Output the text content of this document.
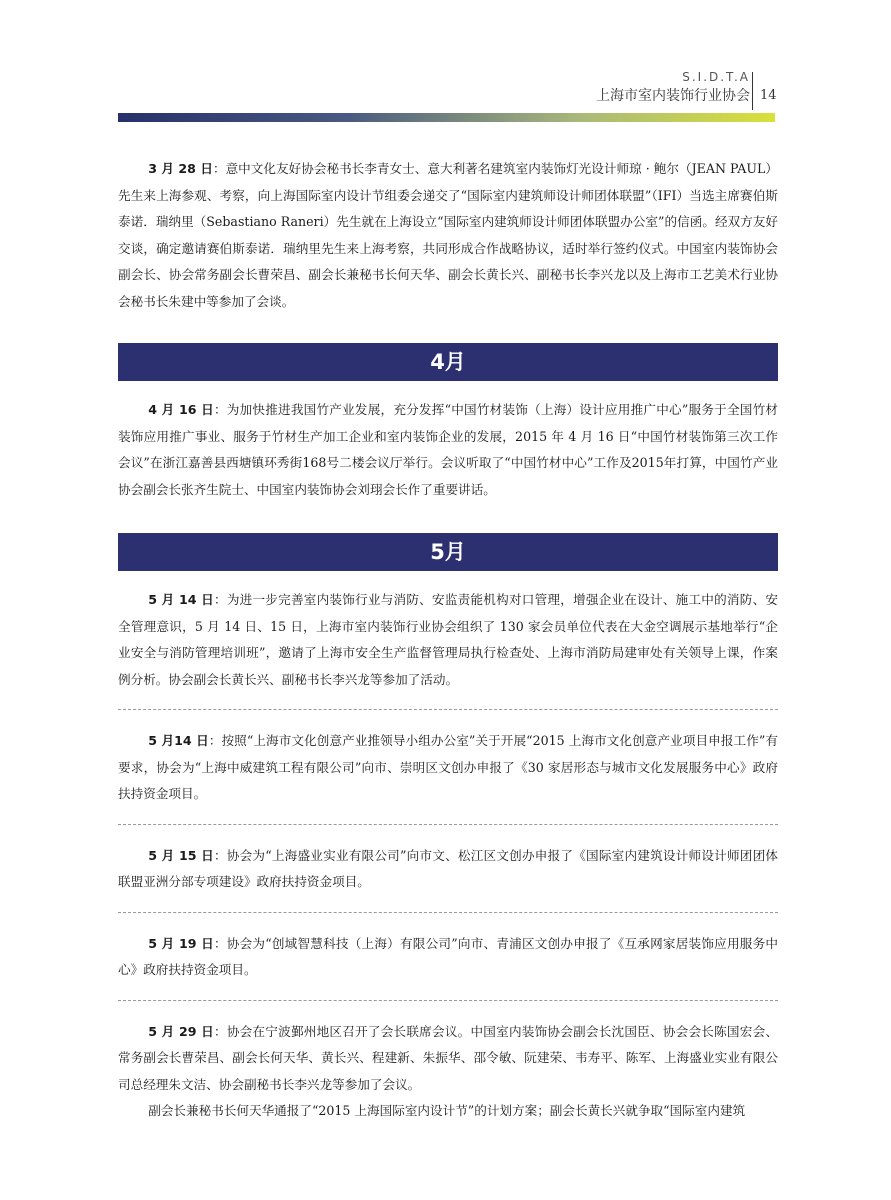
S.I.D.T.A
上海市室内装饰行业协会 14

3 月 28 日：意中文化友好协会秘书长李青女士、意大利著名建筑室内装饰灯光设计师琼 · 鲍尔（JEAN PAUL）先生来上海参观、考察，向上海国际室内设计节组委会递交了“国际室内建筑师设计师团体联盟”（IFI）当选主席赛伯斯泰诺．瑞纳里（Sebastiano Raneri）先生就在上海设立“国际室内建筑师设计师团体联盟办公室”的信函。经双方友好交谈，确定邀请赛伯斯泰诺．瑞纳里先生来上海考察，共同形成合作战略协议，适时举行签约仪式。中国室内装饰协会副会长、协会常务副会长曹荣昌、副会长兼秘书长何天华、副会长黄长兴、副秘书长李兴龙以及上海市工艺美术行业协会秘书长朱建中等参加了会谈。

4月

4 月 16 日：为加快推进我国竹产业发展，充分发挥“中国竹材装饰（上海）设计应用推广中心”服务于全国竹材装饰应用推广事业、服务于竹材生产加工企业和室内装饰企业的发展，2015 年 4 月 16 日“中国竹材装饰第三次工作会议”在浙江嘉善县西塘镇环秀街168号二楼会议厅举行。会议听取了“中国竹材中心”工作及2015年打算，中国竹产业协会副会长张齐生院士、中国室内装饰协会刘珝会长作了重要讲话。

5月

5 月 14 日：为进一步完善室内装饰行业与消防、安监责能机构对口管理，增强企业在设计、施工中的消防、安全管理意识，5 月 14 日、15 日，上海市室内装饰行业协会组织了 130 家会员单位代表在大金空调展示基地举行“企业安全与消防管理培训班”，邀请了上海市安全生产监督管理局执行检查处、上海市消防局建审处有关领导上课，作案例分析。协会副会长黄长兴、副秘书长李兴龙等参加了活动。

5 月14 日：按照“上海市文化创意产业推领导小组办公室”关于开展“2015 上海市文化创意产业项目申报工作”有要求，协会为“上海中威建筑工程有限公司”向市、崇明区文创办申报了《30 家居形态与城市文化发展服务中心》政府扶持资金项目。

5 月 15 日：协会为“上海盛业实业有限公司”向市文、松江区文创办申报了《国际室内建筑设计师设计师团团体联盟亚洲分部专项建设》政府扶持资金项目。

5 月 19 日：协会为“创域智慧科技（上海）有限公司”向市、青浦区文创办申报了《互承网家居装饰应用服务中心》政府扶持资金项目。

5 月 29 日：协会在宁波鄞州地区召开了会长联席会议。中国室内装饰协会副会长沈国臣、协会会长陈国宏会、常务副会长曹荣昌、副会长何天华、黄长兴、程建新、朱振华、邵令敏、阮建荣、韦寿平、陈军、上海盛业实业有限公司总经理朱文洁、协会副秘书长李兴龙等参加了会议。

副会长兼秘书长何天华通报了“2015 上海国际室内设计节”的计划方案；副会长黄长兴就争取“国际室内建筑
